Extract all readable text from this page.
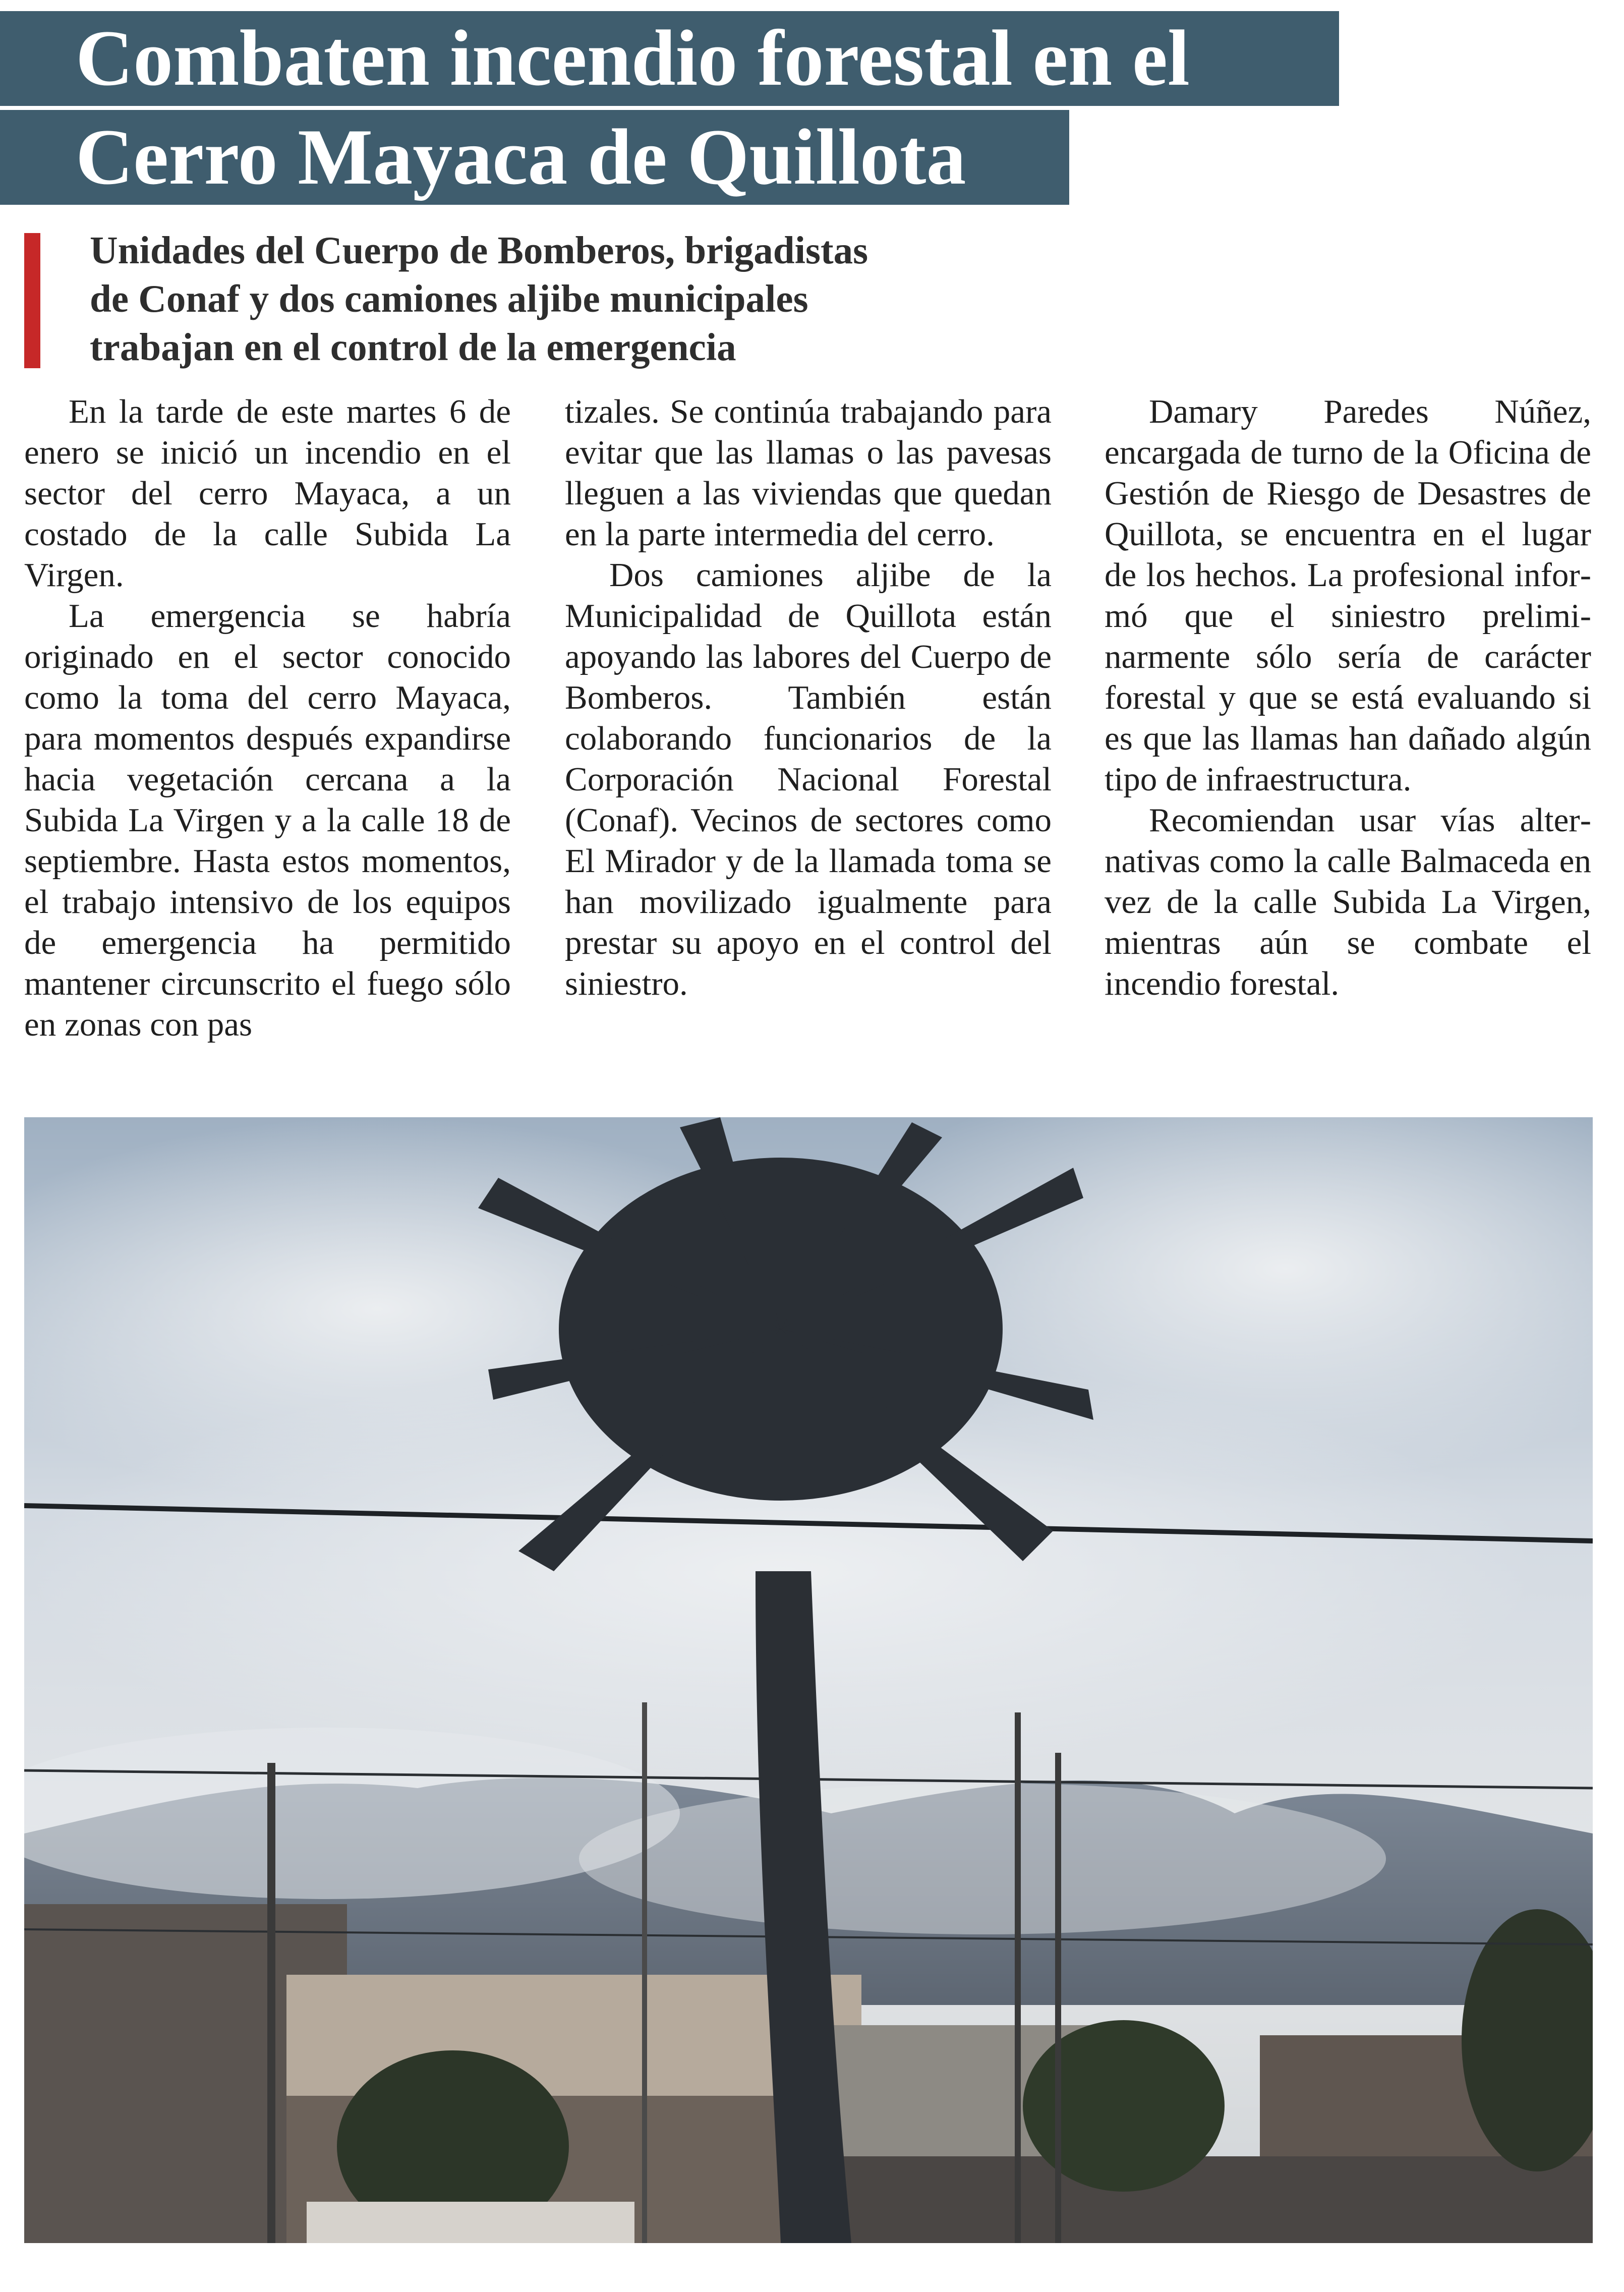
Combaten incendio forestal en el
Cerro Mayaca de Quillota
Unidades del Cuerpo de Bomberos, brigadistas
de Conaf y dos camiones aljibe municipales
trabajan en el control de la emergencia

En la tarde de este martes 6 de enero se inició un incendio en el sector del cerro Mayaca, a un costado de la calle Subida La Virgen.

La emergencia se habría originado en el sector conocido como la toma del cerro Mayaca, para momentos después expandirse hacia vegetación cercana a la Subida La Virgen y a la calle 18 de septiembre. Hasta estos momentos, el trabajo intensivo de los equipos de emergencia ha permitido mantener circunscrito el fuego sólo en zonas con pas

tizales. Se continúa trabajando para evitar que las llamas o las pavesas lleguen a las viviendas que quedan en la parte intermedia del cerro.

Dos camiones aljibe de la Municipalidad de Quillota están apoyando las labores del Cuerpo de Bomberos. También están colaborando funcionarios de la Corporación Nacional Forestal (Conaf). Vecinos de sectores como El Mirador y de la llamada toma se han movilizado igualmente para prestar su apoyo en el control del siniestro.

Damary Paredes Núñez, encargada de turno de la Oficina de Gestión de Riesgo de Desastres de Quillota, se encuentra en el lugar de los hechos. La profesional informó que el siniestro preliminarmente sólo sería de carácter forestal y que se está evaluando si es que las llamas han dañado algún tipo de infraestructura.

Recomiendan usar vías alternativas como la calle Balmaceda en vez de la calle Subida La Virgen, mientras aún se combate el incendio forestal.
